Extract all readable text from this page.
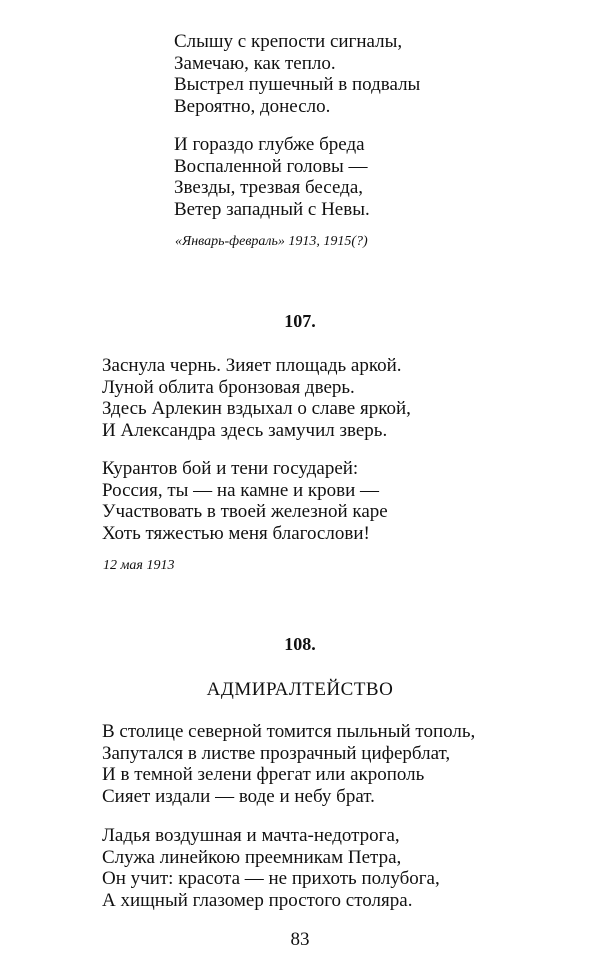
Слышу с крепости сигналы,
Замечаю, как тепло.
Выстрел пушечный в подвалы
Вероятно, донесло.
И гораздо глубже бреда
Воспаленной головы —
Звезды, трезвая беседа,
Ветер западный с Невы.
«Январь-февраль» 1913, 1915(?)
107.
Заснула чернь. Зияет площадь аркой.
Луной облита бронзовая дверь.
Здесь Арлекин вздыхал о славе яркой,
И Александра здесь замучил зверь.
Курантов бой и тени государей:
Россия, ты — на камне и крови —
Участвовать в твоей железной каре
Хоть тяжестью меня благослови!
12 мая 1913
108.
АДМИРАЛТЕЙСТВО
В столице северной томится пыльный тополь,
Запутался в листве прозрачный циферблат,
И в темной зелени фрегат или акрополь
Сияет издали — воде и небу брат.
Ладья воздушная и мачта-недотрога,
Служа линейкою преемникам Петра,
Он учит: красота — не прихоть полубога,
А хищный глазомер простого столяра.
83
